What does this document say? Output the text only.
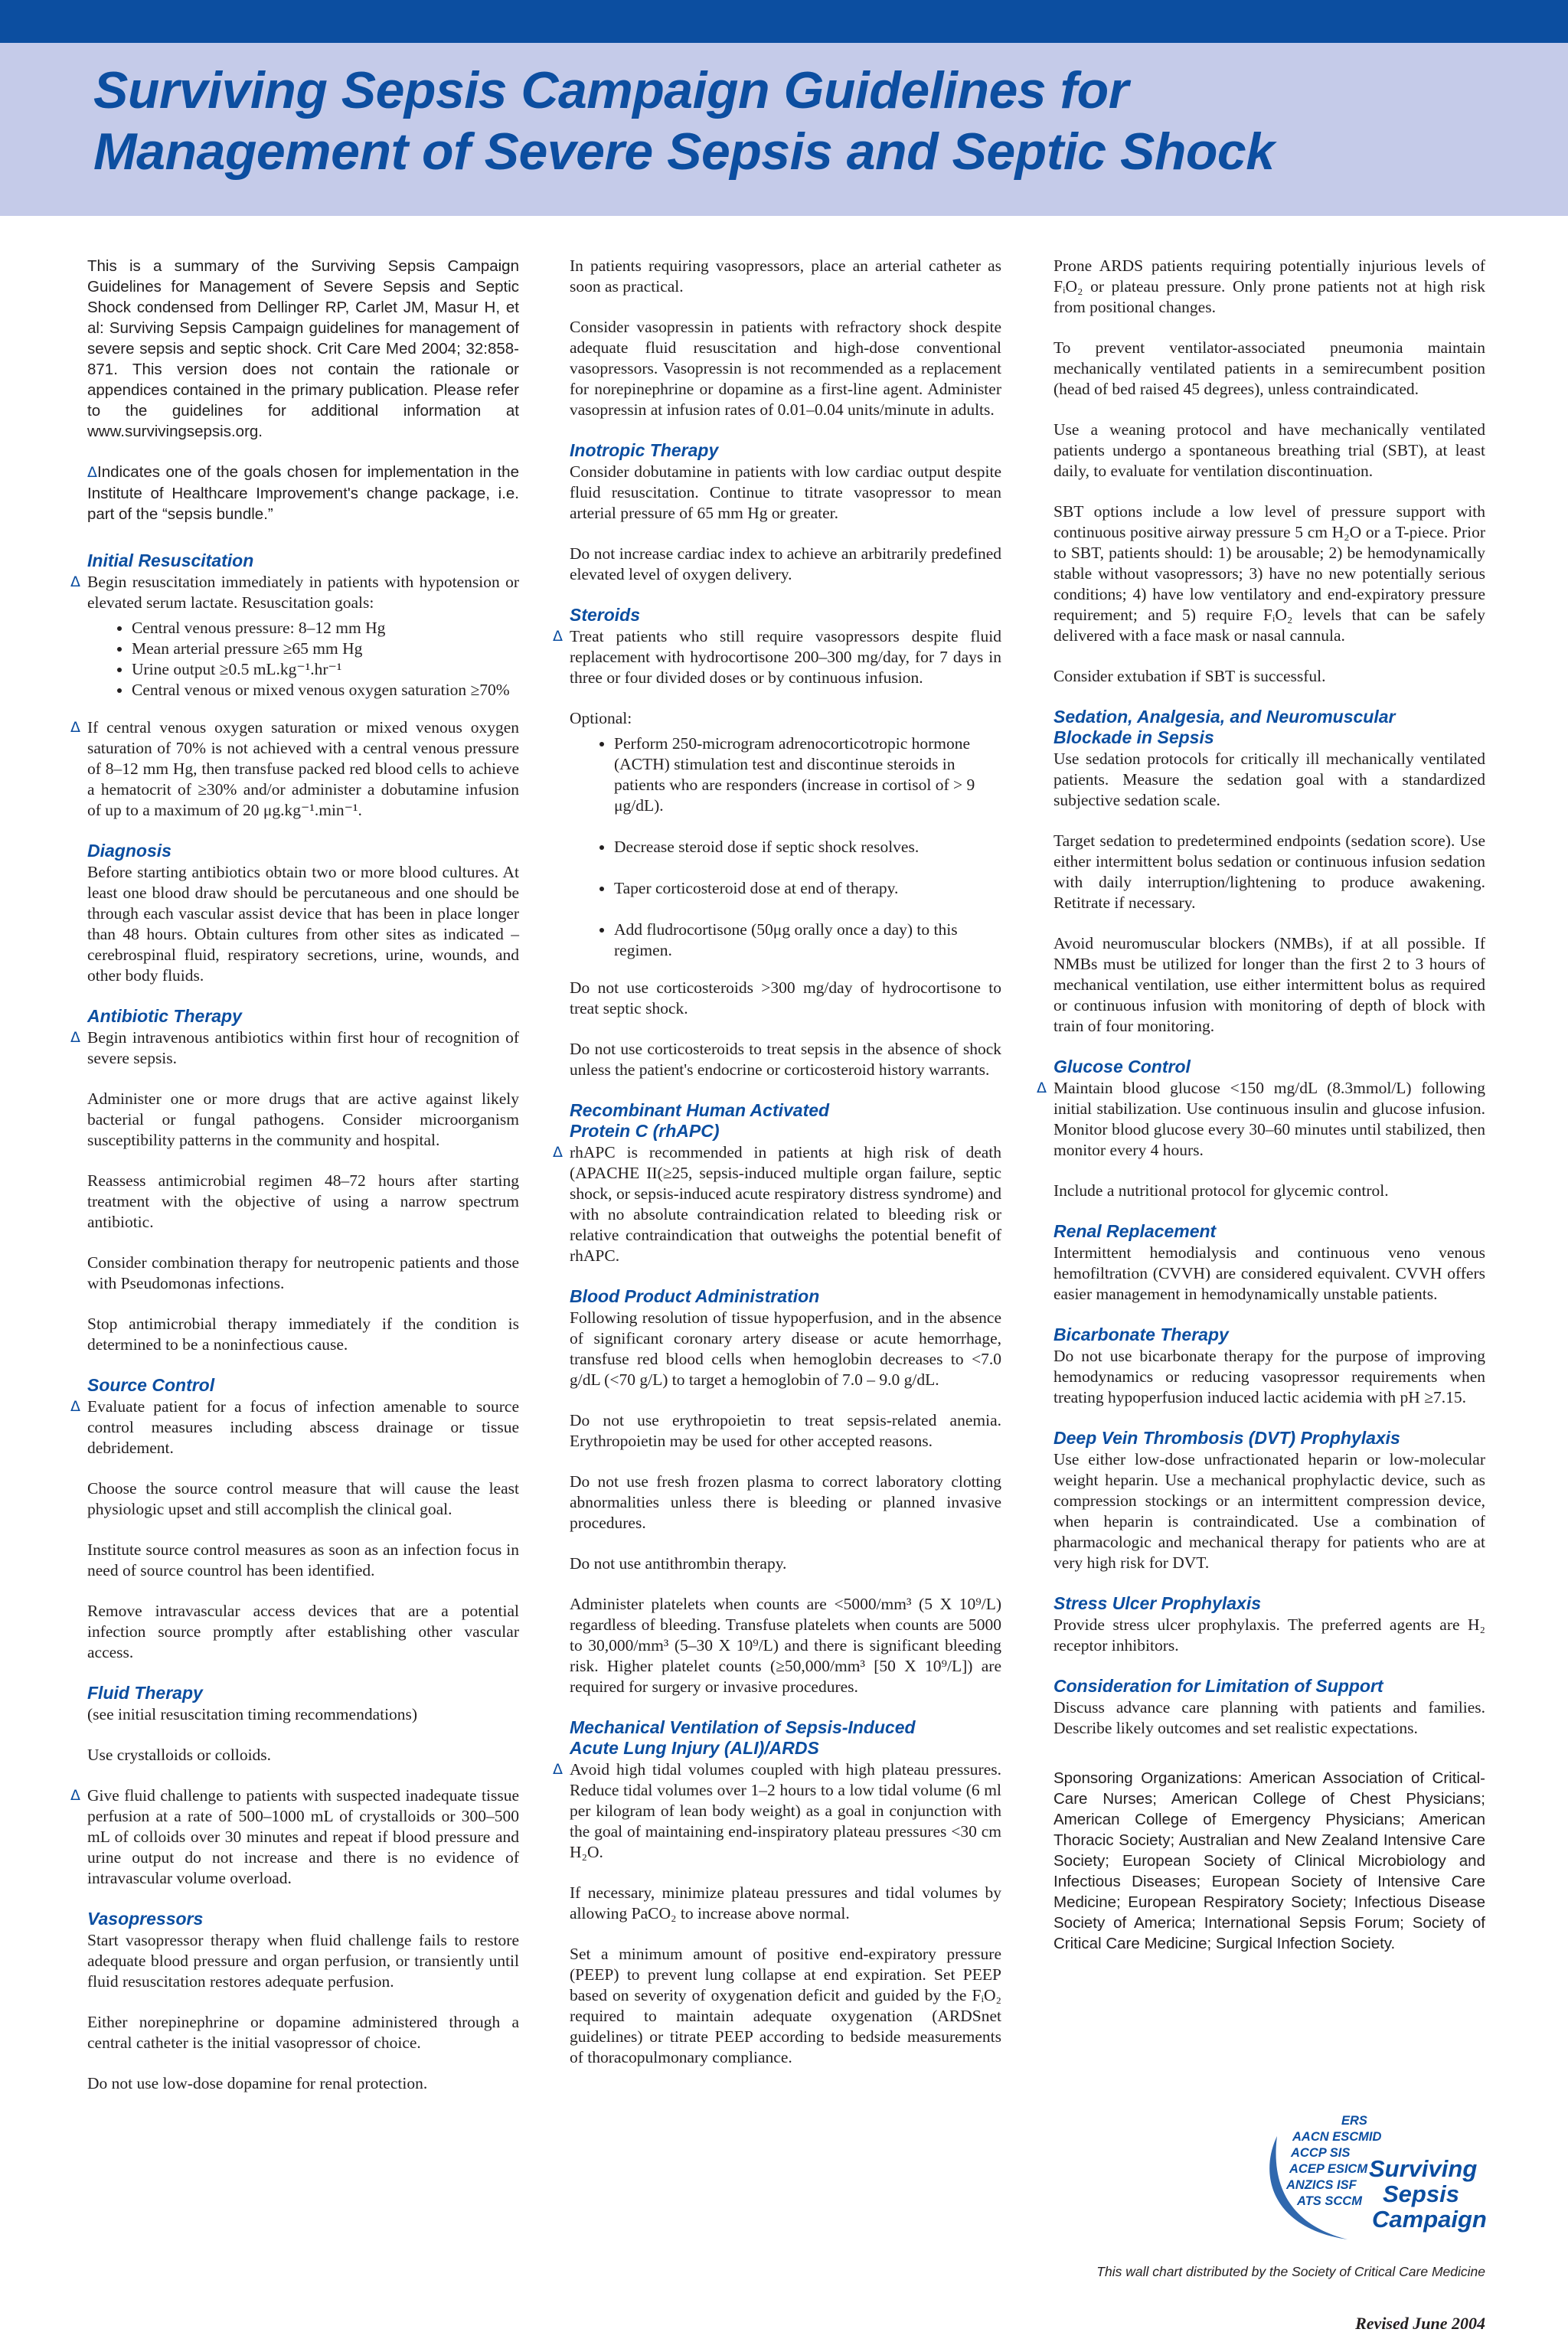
Surviving Sepsis Campaign Guidelines for
Management of Severe Sepsis and Septic Shock

This is a summary of the Surviving Sepsis Campaign Guidelines for Management of Severe Sepsis and Septic Shock condensed from Dellinger RP, Carlet JM, Masur H, et al: Surviving Sepsis Campaign guidelines for management of severe sepsis and septic shock. Crit Care Med 2004; 32:858-871. This version does not contain the rationale or appendices contained in the primary publication. Please refer to the guidelines for additional information at www.survivingsepsis.org.

ΔIndicates one of the goals chosen for implementation in the Institute of Healthcare Improvement's change package, i.e. part of the “sepsis bundle.”

Initial Resuscitation

Δ Begin resuscitation immediately in patients with hypotension or elevated serum lactate. Resuscitation goals:

• Central venous pressure: 8–12 mm Hg
• Mean arterial pressure ≥65 mm Hg
• Urine output ≥0.5 mL.kg⁻¹.hr⁻¹
• Central venous or mixed venous oxygen saturation ≥70%

Δ If central venous oxygen saturation or mixed venous oxygen saturation of 70% is not achieved with a central venous pressure of 8–12 mm Hg, then transfuse packed red blood cells to achieve a hematocrit of ≥30% and/or administer a dobutamine infusion of up to a maximum of 20 μg.kg⁻¹.min⁻¹.

Diagnosis

Before starting antibiotics obtain two or more blood cultures. At least one blood draw should be percutaneous and one should be through each vascular assist device that has been in place longer than 48 hours. Obtain cultures from other sites as indicated – cerebrospinal fluid, respiratory secretions, urine, wounds, and other body fluids.

Antibiotic Therapy

Δ Begin intravenous antibiotics within first hour of recognition of severe sepsis.

Administer one or more drugs that are active against likely bacterial or fungal pathogens. Consider microorganism susceptibility patterns in the community and hospital.

Reassess antimicrobial regimen 48–72 hours after starting treatment with the objective of using a narrow spectrum antibiotic.

Consider combination therapy for neutropenic patients and those with Pseudomonas infections.

Stop antimicrobial therapy immediately if the condition is determined to be a noninfectious cause.

Source Control

Δ Evaluate patient for a focus of infection amenable to source control measures including abscess drainage or tissue debridement.

Choose the source control measure that will cause the least physiologic upset and still accomplish the clinical goal.

Institute source control measures as soon as an infection focus in need of source countrol has been identified.

Remove intravascular access devices that are a potential infection source promptly after establishing other vascular access.

Fluid Therapy

(see initial resuscitation timing recommendations)

Use crystalloids or colloids.

Δ Give fluid challenge to patients with suspected inadequate tissue perfusion at a rate of 500–1000 mL of crystalloids or 300–500 mL of colloids over 30 minutes and repeat if blood pressure and urine output do not increase and there is no evidence of intravascular volume overload.

Vasopressors

Start vasopressor therapy when fluid challenge fails to restore adequate blood pressure and organ perfusion, or transiently until fluid resuscitation restores adequate perfusion.

Either norepinephrine or dopamine administered through a central catheter is the initial vasopressor of choice.

Do not use low-dose dopamine for renal protection.

In patients requiring vasopressors, place an arterial catheter as soon as practical.

Consider vasopressin in patients with refractory shock despite adequate fluid resuscitation and high-dose conventional vasopressors. Vasopressin is not recommended as a replacement for norepinephrine or dopamine as a first-line agent. Administer vasopressin at infusion rates of 0.01–0.04 units/minute in adults.

Inotropic Therapy

Consider dobutamine in patients with low cardiac output despite fluid resuscitation. Continue to titrate vasopressor to mean arterial pressure of 65 mm Hg or greater.

Do not increase cardiac index to achieve an arbitrarily predefined elevated level of oxygen delivery.

Steroids

Δ Treat patients who still require vasopressors despite fluid replacement with hydrocortisone 200–300 mg/day, for 7 days in three or four divided doses or by continuous infusion.

Optional:

• Perform 250-microgram adrenocorticotropic hormone (ACTH) stimulation test and discontinue steroids in patients who are responders (increase in cortisol of > 9 μg/dL).
• Decrease steroid dose if septic shock resolves.
• Taper corticosteroid dose at end of therapy.
• Add fludrocortisone (50μg orally once a day) to this regimen.

Do not use corticosteroids >300 mg/day of hydrocortisone to treat septic shock.

Do not use corticosteroids to treat sepsis in the absence of shock unless the patient's endocrine or corticosteroid history warrants.

Recombinant Human Activated
Protein C (rhAPC)

Δ rhAPC is recommended in patients at high risk of death (APACHE II(≥25, sepsis-induced multiple organ failure, septic shock, or sepsis-induced acute respiratory distress syndrome) and with no absolute contraindication related to bleeding risk or relative contraindication that outweighs the potential benefit of rhAPC.

Blood Product Administration

Following resolution of tissue hypoperfusion, and in the absence of significant coronary artery disease or acute hemorrhage, transfuse red blood cells when hemoglobin decreases to <7.0 g/dL (<70 g/L) to target a hemoglobin of 7.0 – 9.0 g/dL.

Do not use erythropoietin to treat sepsis-related anemia. Erythropoietin may be used for other accepted reasons.

Do not use fresh frozen plasma to correct laboratory clotting abnormalities unless there is bleeding or planned invasive procedures.

Do not use antithrombin therapy.

Administer platelets when counts are <5000/mm³ (5 X 10⁹/L) regardless of bleeding. Transfuse platelets when counts are 5000 to 30,000/mm³ (5–30 X 10⁹/L) and there is significant bleeding risk. Higher platelet counts (≥50,000/mm³ [50 X 10⁹/L]) are required for surgery or invasive procedures.

Mechanical Ventilation of Sepsis-Induced
Acute Lung Injury (ALI)/ARDS

Δ Avoid high tidal volumes coupled with high plateau pressures. Reduce tidal volumes over 1–2 hours to a low tidal volume (6 ml per kilogram of lean body weight) as a goal in conjunction with the goal of maintaining end-inspiratory plateau pressures <30 cm H₂O.

If necessary, minimize plateau pressures and tidal volumes by allowing PaCO₂ to increase above normal.

Set a minimum amount of positive end-expiratory pressure (PEEP) to prevent lung collapse at end expiration. Set PEEP based on severity of oxygenation deficit and guided by the FᵢO₂ required to maintain adequate oxygenation (ARDSnet guidelines) or titrate PEEP according to bedside measurements of thoracopulmonary compliance.

Prone ARDS patients requiring potentially injurious levels of FᵢO₂ or plateau pressure. Only prone patients not at high risk from positional changes.

To prevent ventilator-associated pneumonia maintain mechanically ventilated patients in a semirecumbent position (head of bed raised 45 degrees), unless contraindicated.

Use a weaning protocol and have mechanically ventilated patients undergo a spontaneous breathing trial (SBT), at least daily, to evaluate for ventilation discontinuation.

SBT options include a low level of pressure support with continuous positive airway pressure 5 cm H₂O or a T-piece. Prior to SBT, patients should: 1) be arousable; 2) be hemodynamically stable without vasopressors; 3) have no new potentially serious conditions; 4) have low ventilatory and end-expiratory pressure requirement; and 5) require FᵢO₂ levels that can be safely delivered with a face mask or nasal cannula.

Consider extubation if SBT is successful.

Sedation, Analgesia, and Neuromuscular
Blockade in Sepsis

Use sedation protocols for critically ill mechanically ventilated patients. Measure the sedation goal with a standardized subjective sedation scale.

Target sedation to predetermined endpoints (sedation score). Use either intermittent bolus sedation or continuous infusion sedation with daily interruption/lightening to produce awakening. Retitrate if necessary.

Avoid neuromuscular blockers (NMBs), if at all possible. If NMBs must be utilized for longer than the first 2 to 3 hours of mechanical ventilation, use either intermittent bolus as required or continuous infusion with monitoring of depth of block with train of four monitoring.

Glucose Control

Δ Maintain blood glucose <150 mg/dL (8.3mmol/L) following initial stabilization. Use continuous insulin and glucose infusion. Monitor blood glucose every 30–60 minutes until stabilized, then monitor every 4 hours.

Include a nutritional protocol for glycemic control.

Renal Replacement

Intermittent hemodialysis and continuous veno venous hemofiltration (CVVH) are considered equivalent. CVVH offers easier management in hemodynamically unstable patients.

Bicarbonate Therapy

Do not use bicarbonate therapy for the purpose of improving hemodynamics or reducing vasopressor requirements when treating hypoperfusion induced lactic acidemia with pH ≥7.15.

Deep Vein Thrombosis (DVT) Prophylaxis

Use either low-dose unfractionated heparin or low-molecular weight heparin. Use a mechanical prophylactic device, such as compression stockings or an intermittent compression device, when heparin is contraindicated. Use a combination of pharmacologic and mechanical therapy for patients who are at very high risk for DVT.

Stress Ulcer Prophylaxis

Provide stress ulcer prophylaxis. The preferred agents are H₂ receptor inhibitors.

Consideration for Limitation of Support

Discuss advance care planning with patients and families. Describe likely outcomes and set realistic expectations.

Sponsoring Organizations: American Association of Critical-Care Nurses; American College of Chest Physicians; American College of Emergency Physicians; American Thoracic Society; Australian and New Zealand Intensive Care Society; European Society of Clinical Microbiology and Infectious Diseases; European Society of Intensive Care Medicine; European Respiratory Society; Infectious Disease Society of America; International Sepsis Forum; Society of Critical Care Medicine; Surgical Infection Society.

ERS
AACN ESCMID
ACCP SIS
ACEP ESICM
ANZICS ISF
ATS SCCM
Surviving
Sepsis
Campaign
This wall chart distributed by the Society of Critical Care Medicine
Revised June 2004
